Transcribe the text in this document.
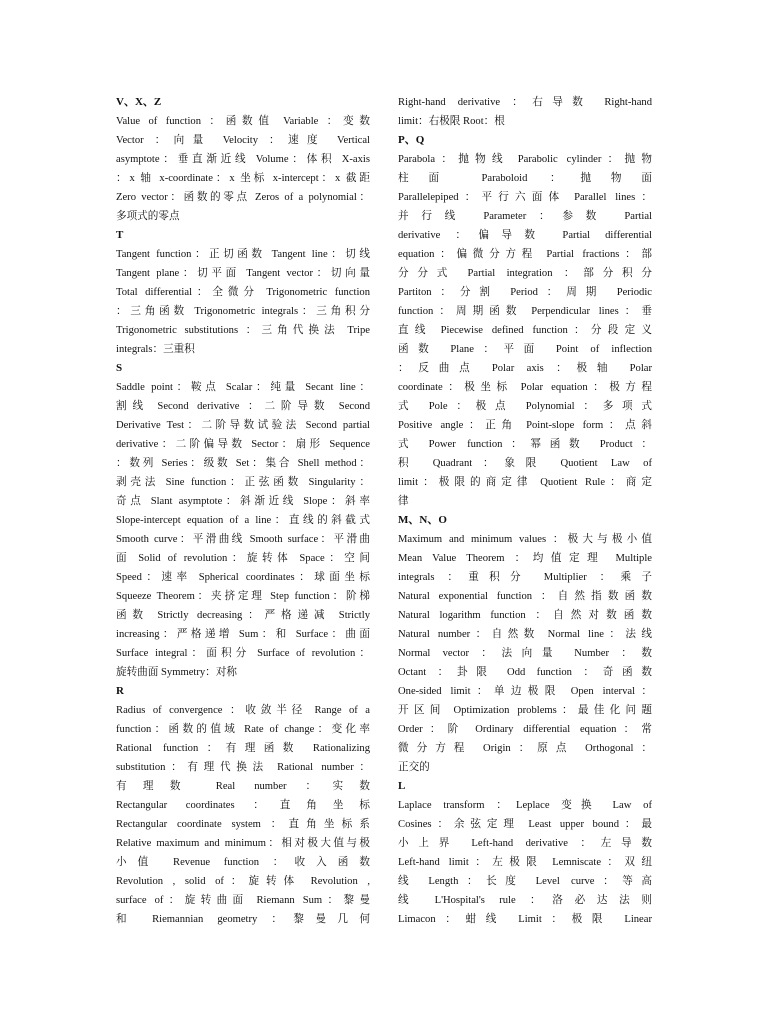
V、X、Z
Value of function ：函数值 Variable ：变数
Vector ：向量 Velocity ：速度 Vertical
asymptote：垂直渐近线 Volume：体积 X-axis
：x 轴 x-coordinate：x 坐标 x-intercept：x 截距
Zero vector：函数的零点 Zeros of a polynomial：
多项式的零点
T
Tangent function：正切函数 Tangent line：切线
Tangent plane：切平面 Tangent vector：切向量
Total differential：全微分 Trigonometric function
：三角函数 Trigonometric integrals：三角积分
Trigonometric substitutions ：三角代换法 Tripe
integrals：三重积
S
Saddle point：鞍点 Scalar：纯量 Secant line：
割线 Second derivative ：二阶导数 Second
Derivative Test：二阶导数试验法 Second partial
derivative：二阶偏导数 Sector：扇形 Sequence
：数列 Series：级数 Set：集合 Shell method：
剥壳法 Sine function：正弦函数 Singularity：
奇点 Slant asymptote：斜渐近线 Slope：斜率
Slope-intercept equation of a line：直线的斜截式
Smooth curve：平滑曲线 Smooth surface：平滑曲
面 Solid of revolution：旋转体 Space：空间
Speed：速率 Spherical coordinates：球面坐标
Squeeze Theorem：夹挤定理 Step function：阶梯
函数 Strictly decreasing：严格递减 Strictly
increasing：严格递增 Sum：和 Surface：曲面
Surface integral：面积分 Surface of revolution：
旋转曲面 Symmetry：对称
R
Radius of convergence ：收敛半径 Range of a
function：函数的值域 Rate of change：变化率
Rational function：有理函数 Rationalizing
substitution：有理代换法 Rational number：
有理数 Real number ：实数
Rectangular coordinates ：直角坐标
Rectangular coordinate system ：直角坐标系
Relative maximum and minimum：相对极大值与极
小值 Revenue function ：收入函数
Revolution , solid of：旋转体 Revolution ,
surface of：旋转曲面 Riemann Sum：黎曼
和 Riemannian geometry ：黎曼几何
Right-hand derivative ：右导数 Right-hand
limit：右极限 Root：根
P、Q
Parabola：抛物线 Parabolic cylinder：抛物
柱面 Paraboloid ：抛物面
Parallelepiped：平行六面体 Parallel lines：
并行线 Parameter：参数 Partial
derivative ：偏导数 Partial differential
equation：偏微分方程 Partial fractions：部
分分式 Partial integration ：部分积分
Partiton：分割 Period：周期 Periodic
function：周期函数 Perpendicular lines：垂
直线 Piecewise defined function：分段定义
函数 Plane：平面 Point of inflection
：反曲点 Polar axis ：极轴 Polar
coordinate：极坐标 Polar equation：极方程
式 Pole：极点 Polynomial：多项式
Positive angle：正角 Point-slope form：点斜
式 Power function：幂函数 Product：
积 Quadrant：象限 Quotient Law of
limit：极限的商定律 Quotient Rule：商定
律
M、N、O
Maximum and minimum values ：极大与极小值
Mean Value Theorem ：均值定理 Multiple
integrals ：重积分 Multiplier ：乘子
Natural exponential function ：自然指数函数
Natural logarithm function ：自然对数函数
Natural number：自然数 Normal line：法线
Normal vector ：法向量 Number ：数
Octant ：卦限 Odd function ：奇函数
One-sided limit：单边极限 Open interval：
开区间 Optimization problems：最佳化问题
Order：阶 Ordinary differential equation：常
微分方程 Origin：原点 Orthogonal：
正交的
L
Laplace transform ：Leplace 变换 Law of
Cosines：余弦定理 Least upper bound：最
小上界 Left-hand derivative ：左导数
Left-hand limit：左极限 Lemniscate：双纽
线 Length：长度 Level curve：等高
线 L'Hospital's rule ：洛必达法则
Limacon：蚶线 Limit：极限 Linear
